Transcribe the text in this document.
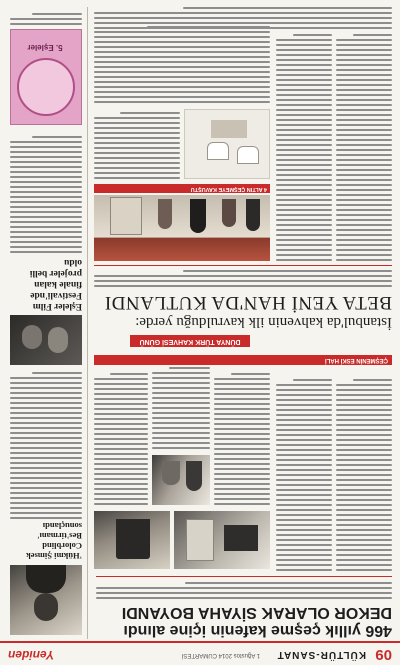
09
KÜLTÜR-SANAT
1 Ağustos 2014 CUMARTESİ
Yeniden
466 yıllık çeşme kafenin içine alındı
DEKOR OLARAK SİYAHA BOYANDI
ÇEŞMENİN ESKİ HALİ
DÜNYA TÜRK KAHVESİ GÜNÜ
İstanbul'da kahvenin ilk kavrulduğu yerde:
BETA YENİ HAN'DA KUTLANDI
4 ALTIN ÇEŞMEYE KAVUŞTU
'Hükmi Şimsek Colorblind Bes'tirmanı' sonuçlandı
Eşleler Film Festivali'nde finale kalan projeler belli oldu
5. Eşleler
